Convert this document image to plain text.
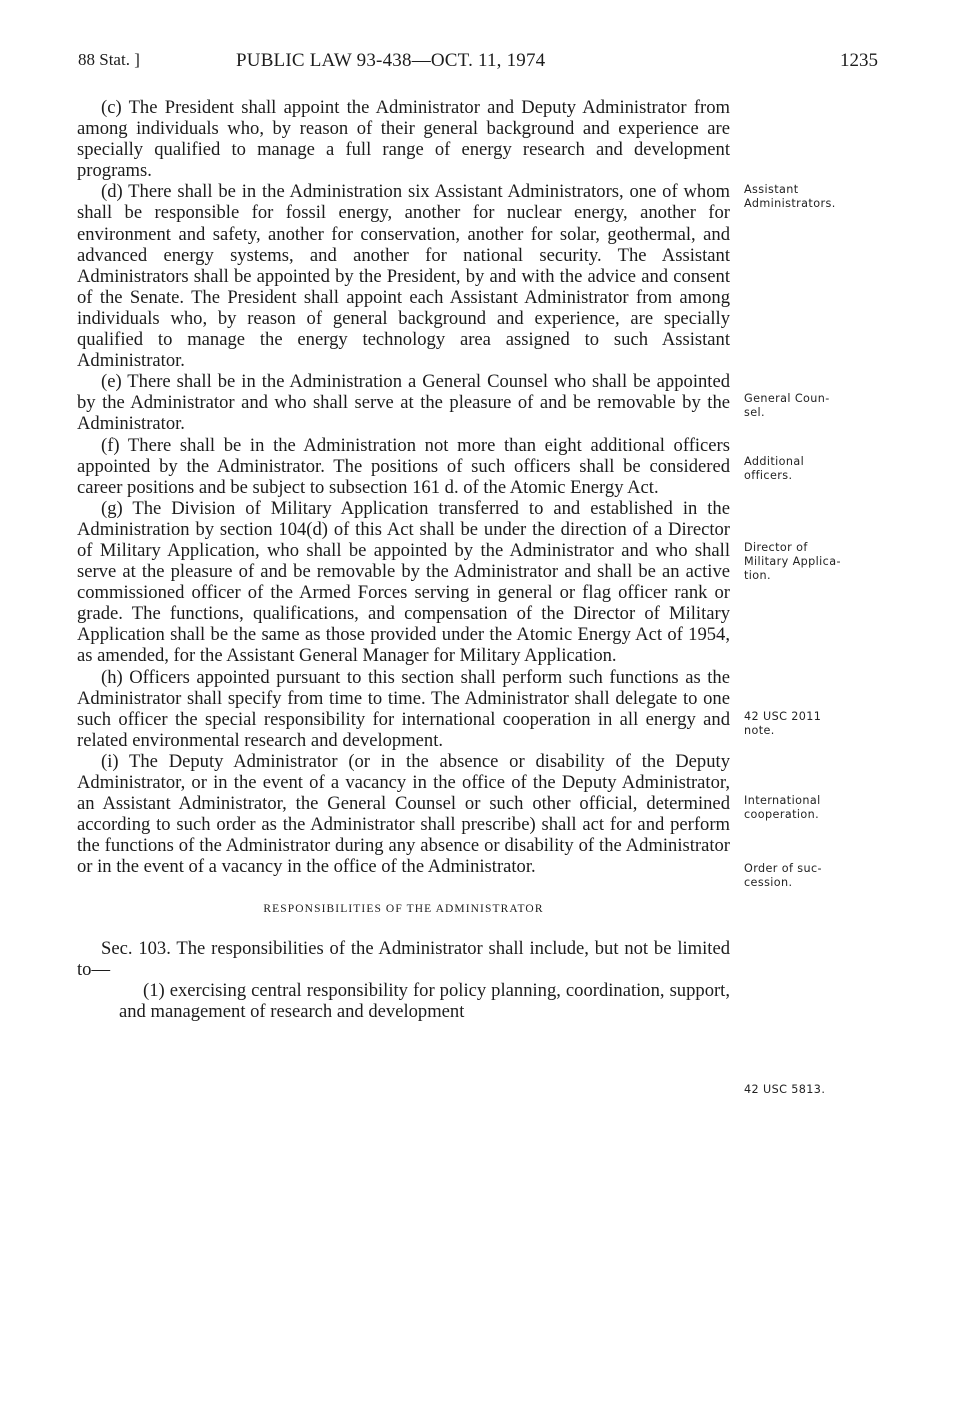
88 Stat. ]	PUBLIC LAW 93-438—OCT. 11, 1974	1235

(c) The President shall appoint the Administrator and Deputy Administrator from among individuals who, by reason of their general background and experience are specially qualified to manage a full range of energy research and development programs.

(d) There shall be in the Administration six Assistant Administrators, one of whom shall be responsible for fossil energy, another for nuclear energy, another for environment and safety, another for conservation, another for solar, geothermal, and advanced energy systems, and another for national security. The Assistant Administrators shall be appointed by the President, by and with the advice and consent of the Senate. The President shall appoint each Assistant Administrator from among individuals who, by reason of general background and experience, are specially qualified to manage the energy technology area assigned to such Assistant Administrator.

(e) There shall be in the Administration a General Counsel who shall be appointed by the Administrator and who shall serve at the pleasure of and be removable by the Administrator.

(f) There shall be in the Administration not more than eight additional officers appointed by the Administrator. The positions of such officers shall be considered career positions and be subject to subsection 161 d. of the Atomic Energy Act.

(g) The Division of Military Application transferred to and established in the Administration by section 104(d) of this Act shall be under the direction of a Director of Military Application, who shall be appointed by the Administrator and who shall serve at the pleasure of and be removable by the Administrator and shall be an active commissioned officer of the Armed Forces serving in general or flag officer rank or grade. The functions, qualifications, and compensation of the Director of Military Application shall be the same as those provided under the Atomic Energy Act of 1954, as amended, for the Assistant General Manager for Military Application.

(h) Officers appointed pursuant to this section shall perform such functions as the Administrator shall specify from time to time. The Administrator shall delegate to one such officer the special responsibility for international cooperation in all energy and related environmental research and development.

(i) The Deputy Administrator (or in the absence or disability of the Deputy Administrator, or in the event of a vacancy in the office of the Deputy Administrator, an Assistant Administrator, the General Counsel or such other official, determined according to such order as the Administrator shall prescribe) shall act for and perform the functions of the Administrator during any absence or disability of the Administrator or in the event of a vacancy in the office of the Administrator.

RESPONSIBILITIES OF THE ADMINISTRATOR

Sec. 103. The responsibilities of the Administrator shall include, but not be limited to—

(1) exercising central responsibility for policy planning, coordination, support, and management of research and development

Assistant
Administrators.
General Coun-
sel.
Additional
officers.
Director of
Military Applica-
tion.
42 USC 2011
note.
International
cooperation.
Order of suc-
cession.
42 USC 5813.
